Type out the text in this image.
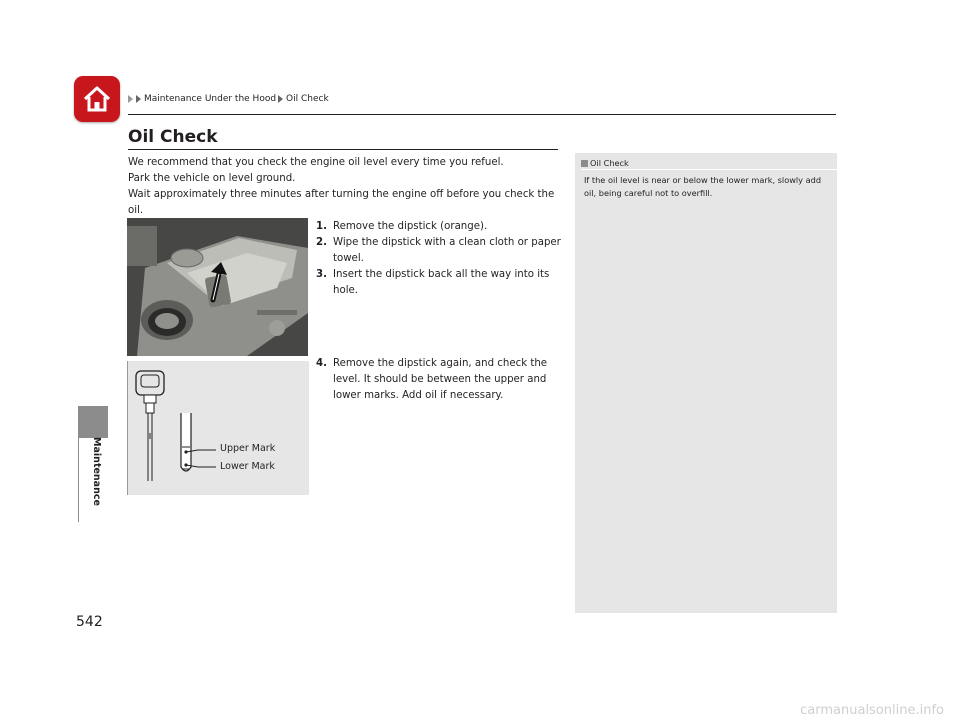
Maintenance Under the Hood Oil Check
Maintenance
Oil Check

We recommend that you check the engine oil level every time you refuel.

Park the vehicle on level ground.

Wait approximately three minutes after turning the engine off before you check the oil.

1. Remove the dipstick (orange).
2. Wipe the dipstick with a clean cloth or paper towel.
3. Insert the dipstick back all the way into its hole.
Upper Mark
Lower Mark
4. Remove the dipstick again, and check the level. It should be between the upper and lower marks. Add oil if necessary.
Oil Check

If the oil level is near or below the lower mark, slowly add oil, being careful not to overfill.

542
carmanualsonline.info
